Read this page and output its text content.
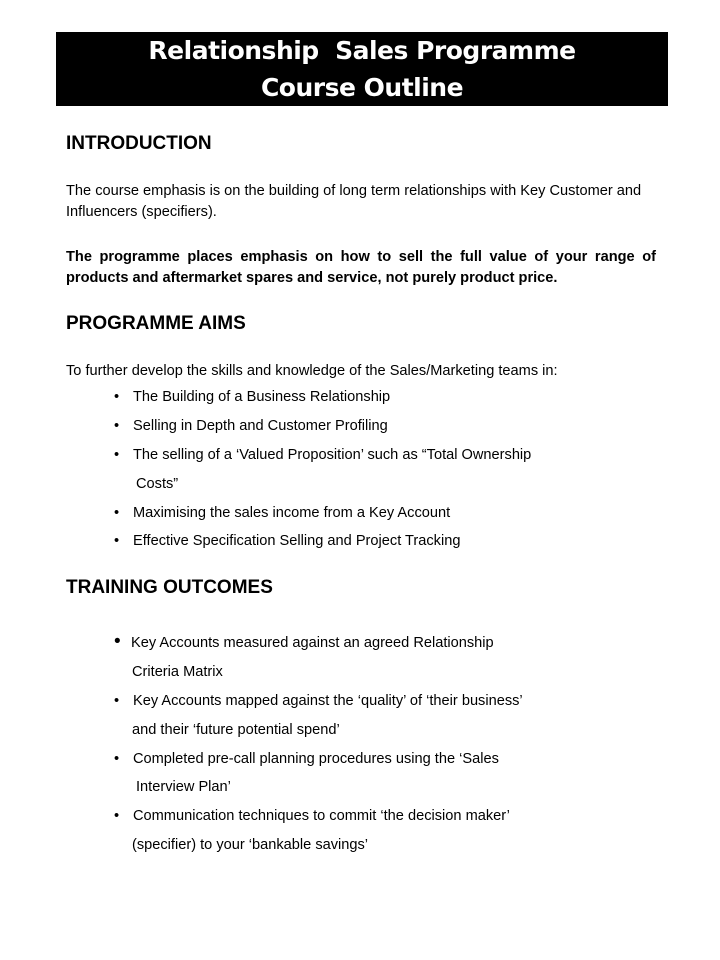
Relationship  Sales Programme
Course Outline
INTRODUCTION

The course emphasis is on the building of long term relationships with Key Customer and Influencers (specifiers).

The programme places emphasis on how to sell the full value of your range of products and aftermarket spares and service, not purely product price.

PROGRAMME AIMS

To further develop the skills and knowledge of the Sales/Marketing teams in:

• The Building of a Business Relationship
• Selling in Depth and Customer Profiling
• The selling of a ‘Valued Proposition’ such as “Total Ownership
Costs”
• Maximising the sales income from a Key Account
• Effective Specification Selling and Project Tracking
TRAINING OUTCOMES
• Key Accounts measured against an agreed Relationship
Criteria Matrix
• Key Accounts mapped against the ‘quality’ of ‘their business’
and their ‘future potential spend’
• Completed pre-call planning procedures using the ‘Sales
Interview Plan’
• Communication techniques to commit ‘the decision maker’
(specifier) to your ‘bankable savings’
